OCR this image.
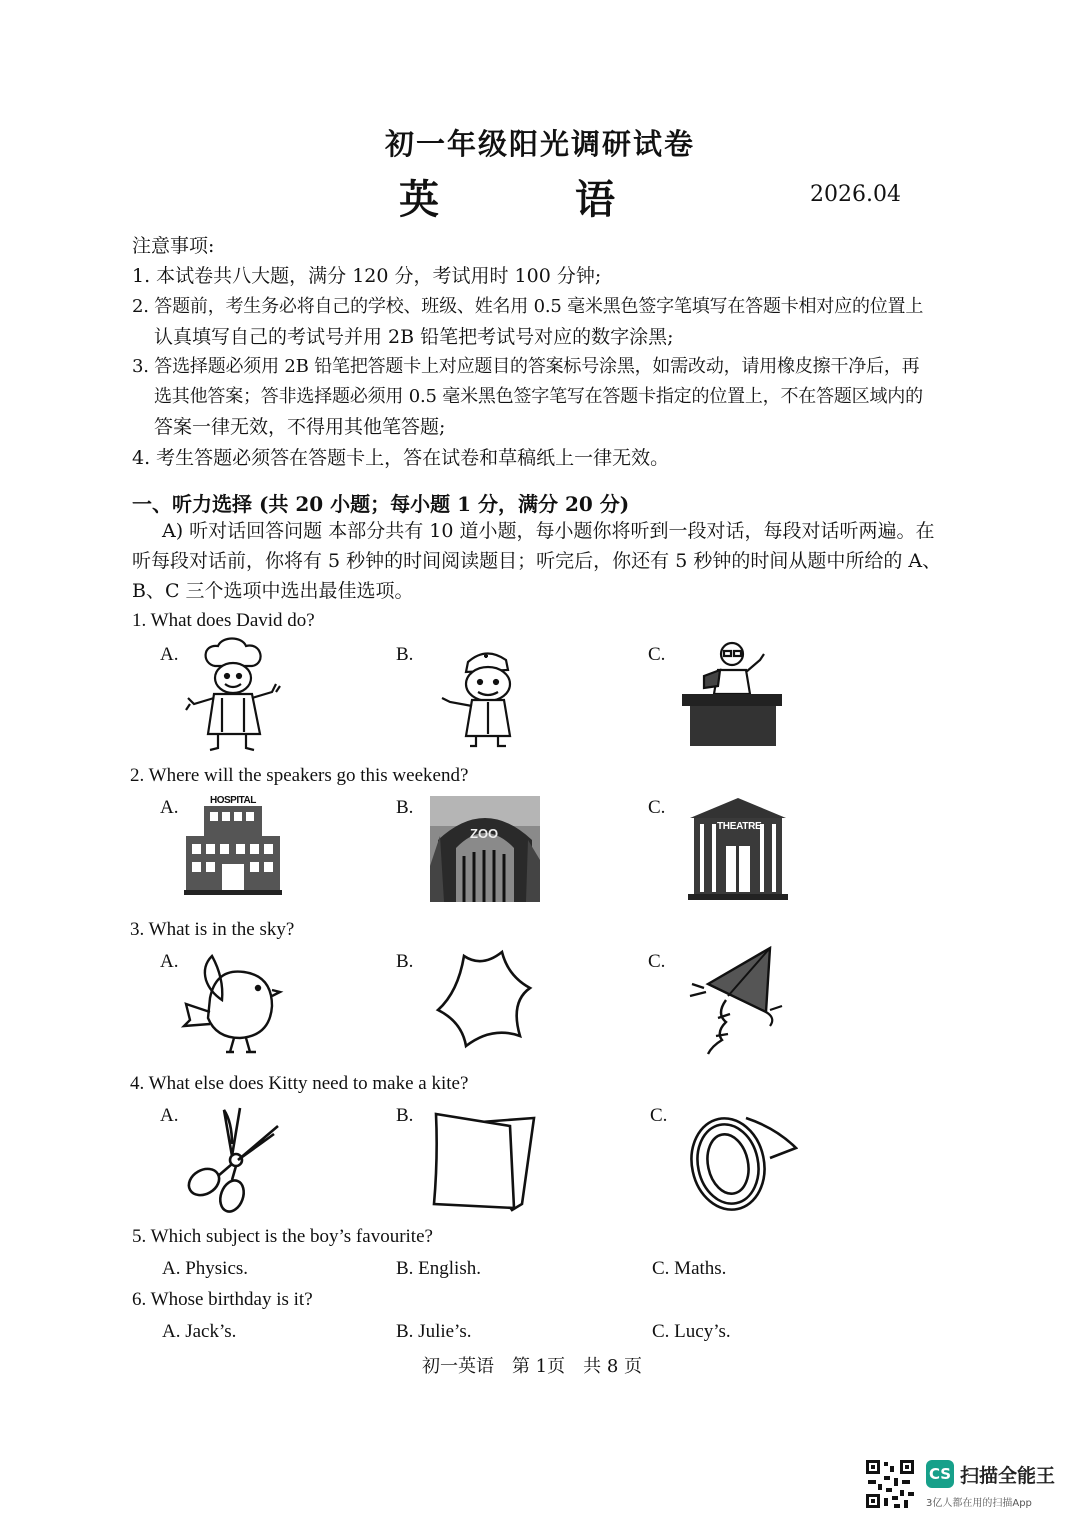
初一年级阳光调研试卷
英　语	2026.04
注意事项:
1. 本试卷共八大题，满分 120 分，考试用时 100 分钟;
2. 答题前，考生务必将自己的学校、班级、姓名用 0.5 毫米黑色签字笔填写在答题卡相对应的位置上
认真填写自己的考试号并用 2B 铅笔把考试号对应的数字涂黑;
3. 答选择题必须用 2B 铅笔把答题卡上对应题目的答案标号涂黑，如需改动，请用橡皮擦干净后，再
选其他答案；答非选择题必须用 0.5 毫米黑色签字笔写在答题卡指定的位置上，不在答题区域内的
答案一律无效，不得用其他笔答题;
4. 考生答题必须答在答题卡上，答在试卷和草稿纸上一律无效。
一、听力选择 (共 20 小题；每小题 1 分，满分 20 分)
A) 听对话回答问题 本部分共有 10 道小题，每小题你将听到一段对话，每段对话听两遍。在
听每段对话前，你将有 5 秒钟的时间阅读题目；听完后，你还有 5 秒钟的时间从题中所给的 A、
B、C 三个选项中选出最佳选项。
1. What does David do?
A.	B.	C.
2. Where will the speakers go this weekend?
A.	B.	C.
HOSPITAL
ZOO	THEATRE
3. What is in the sky?
A.	B.	C.
4. What else does Kitty need to make a kite?
A.	B.	C.
5. Which subject is the boy’s favourite?
A. Physics.	B. English.	C. Maths.
6. Whose birthday is it?
A. Jack’s.	B. Julie’s.	C. Lucy’s.
初一英语　第 1页　共 8 页
CS 扫描全能王
3亿人都在用的扫描App
